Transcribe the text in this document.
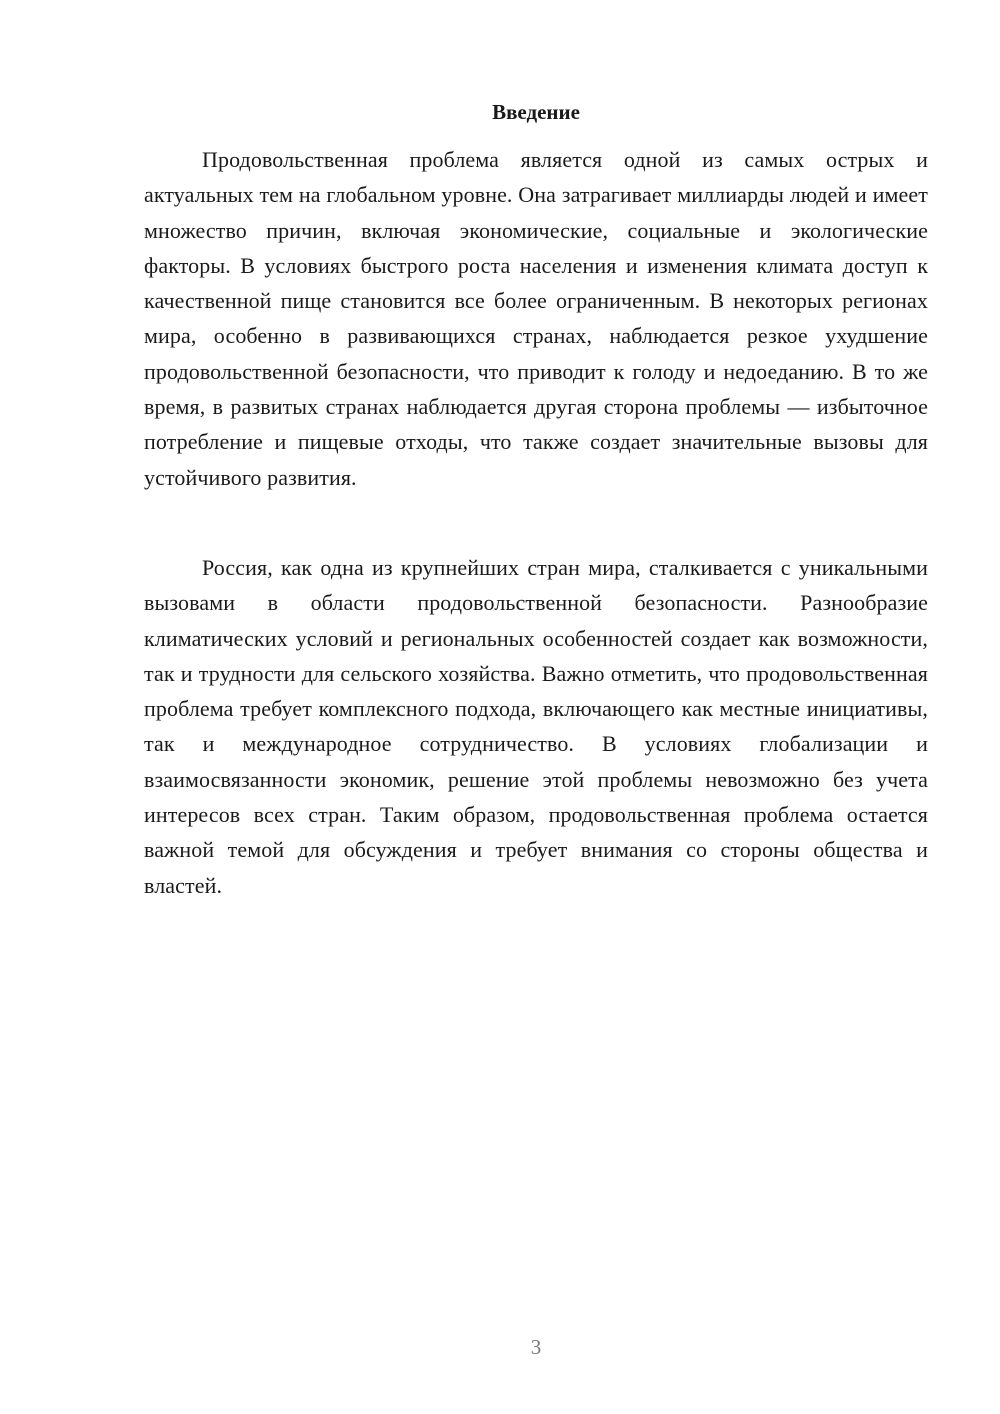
Введение

Продовольственная проблема является одной из самых острых и актуальных тем на глобальном уровне. Она затрагивает миллиарды людей и имеет множество причин, включая экономические, социальные и экологические факторы. В условиях быстрого роста населения и изменения климата доступ к качественной пище становится все более ограниченным. В некоторых регионах мира, особенно в развивающихся странах, наблюдается резкое ухудшение продовольственной безопасности, что приводит к голоду и недоеданию. В то же время, в развитых странах наблюдается другая сторона проблемы — избыточное потребление и пищевые отходы, что также создает значительные вызовы для устойчивого развития.

Россия, как одна из крупнейших стран мира, сталкивается с уникальными вызовами в области продовольственной безопасности. Разнообразие климатических условий и региональных особенностей создает как возможности, так и трудности для сельского хозяйства. Важно отметить, что продовольственная проблема требует комплексного подхода, включающего как местные инициативы, так и международное сотрудничество. В условиях глобализации и взаимосвязанности экономик, решение этой проблемы невозможно без учета интересов всех стран. Таким образом, продовольственная проблема остается важной темой для обсуждения и требует внимания со стороны общества и властей.

3
